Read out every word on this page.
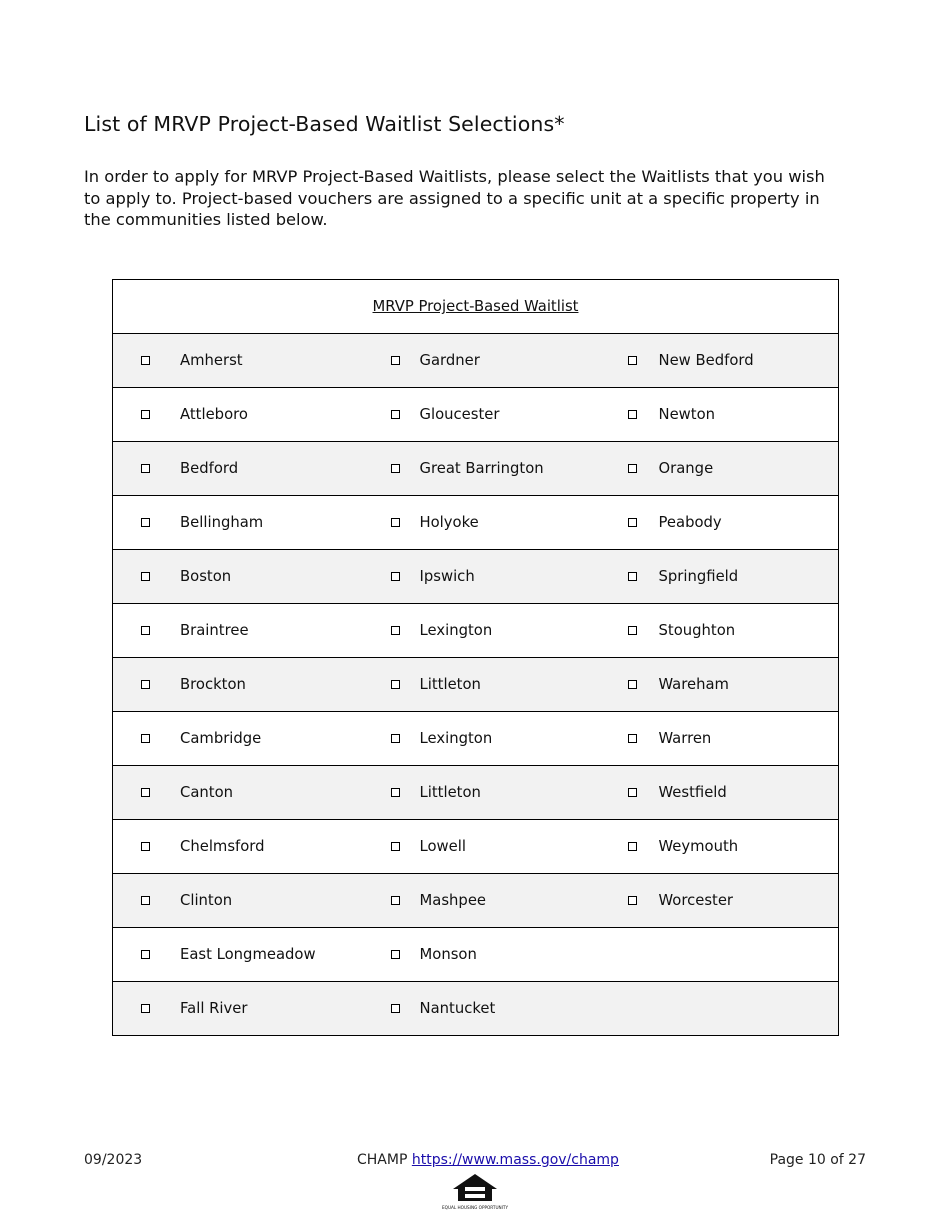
List of MRVP Project-Based Waitlist Selections*

In order to apply for MRVP Project-Based Waitlists, please select the Waitlists that you wish to apply to. Project-based vouchers are assigned to a specific unit at a specific property in the communities listed below.

MRVP Project-Based Waitlist		

Amherst	Gardner	New Bedford

Attleboro	Gloucester	Newton

Bedford	Great Barrington	Orange

Bellingham	Holyoke	Peabody

Boston	Ipswich	Springfield

Braintree	Lexington	Stoughton

Brockton	Littleton	Wareham

Cambridge	Lexington	Warren

Canton	Littleton	Westfield

Chelmsford	Lowell	Weymouth

Clinton	Mashpee	Worcester

East Longmeadow	Monson	

Fall River	Nantucket	

09/2023	CHAMP https://www.mass.gov/champ	Page 10 of 27
EQUAL HOUSING OPPORTUNITY
